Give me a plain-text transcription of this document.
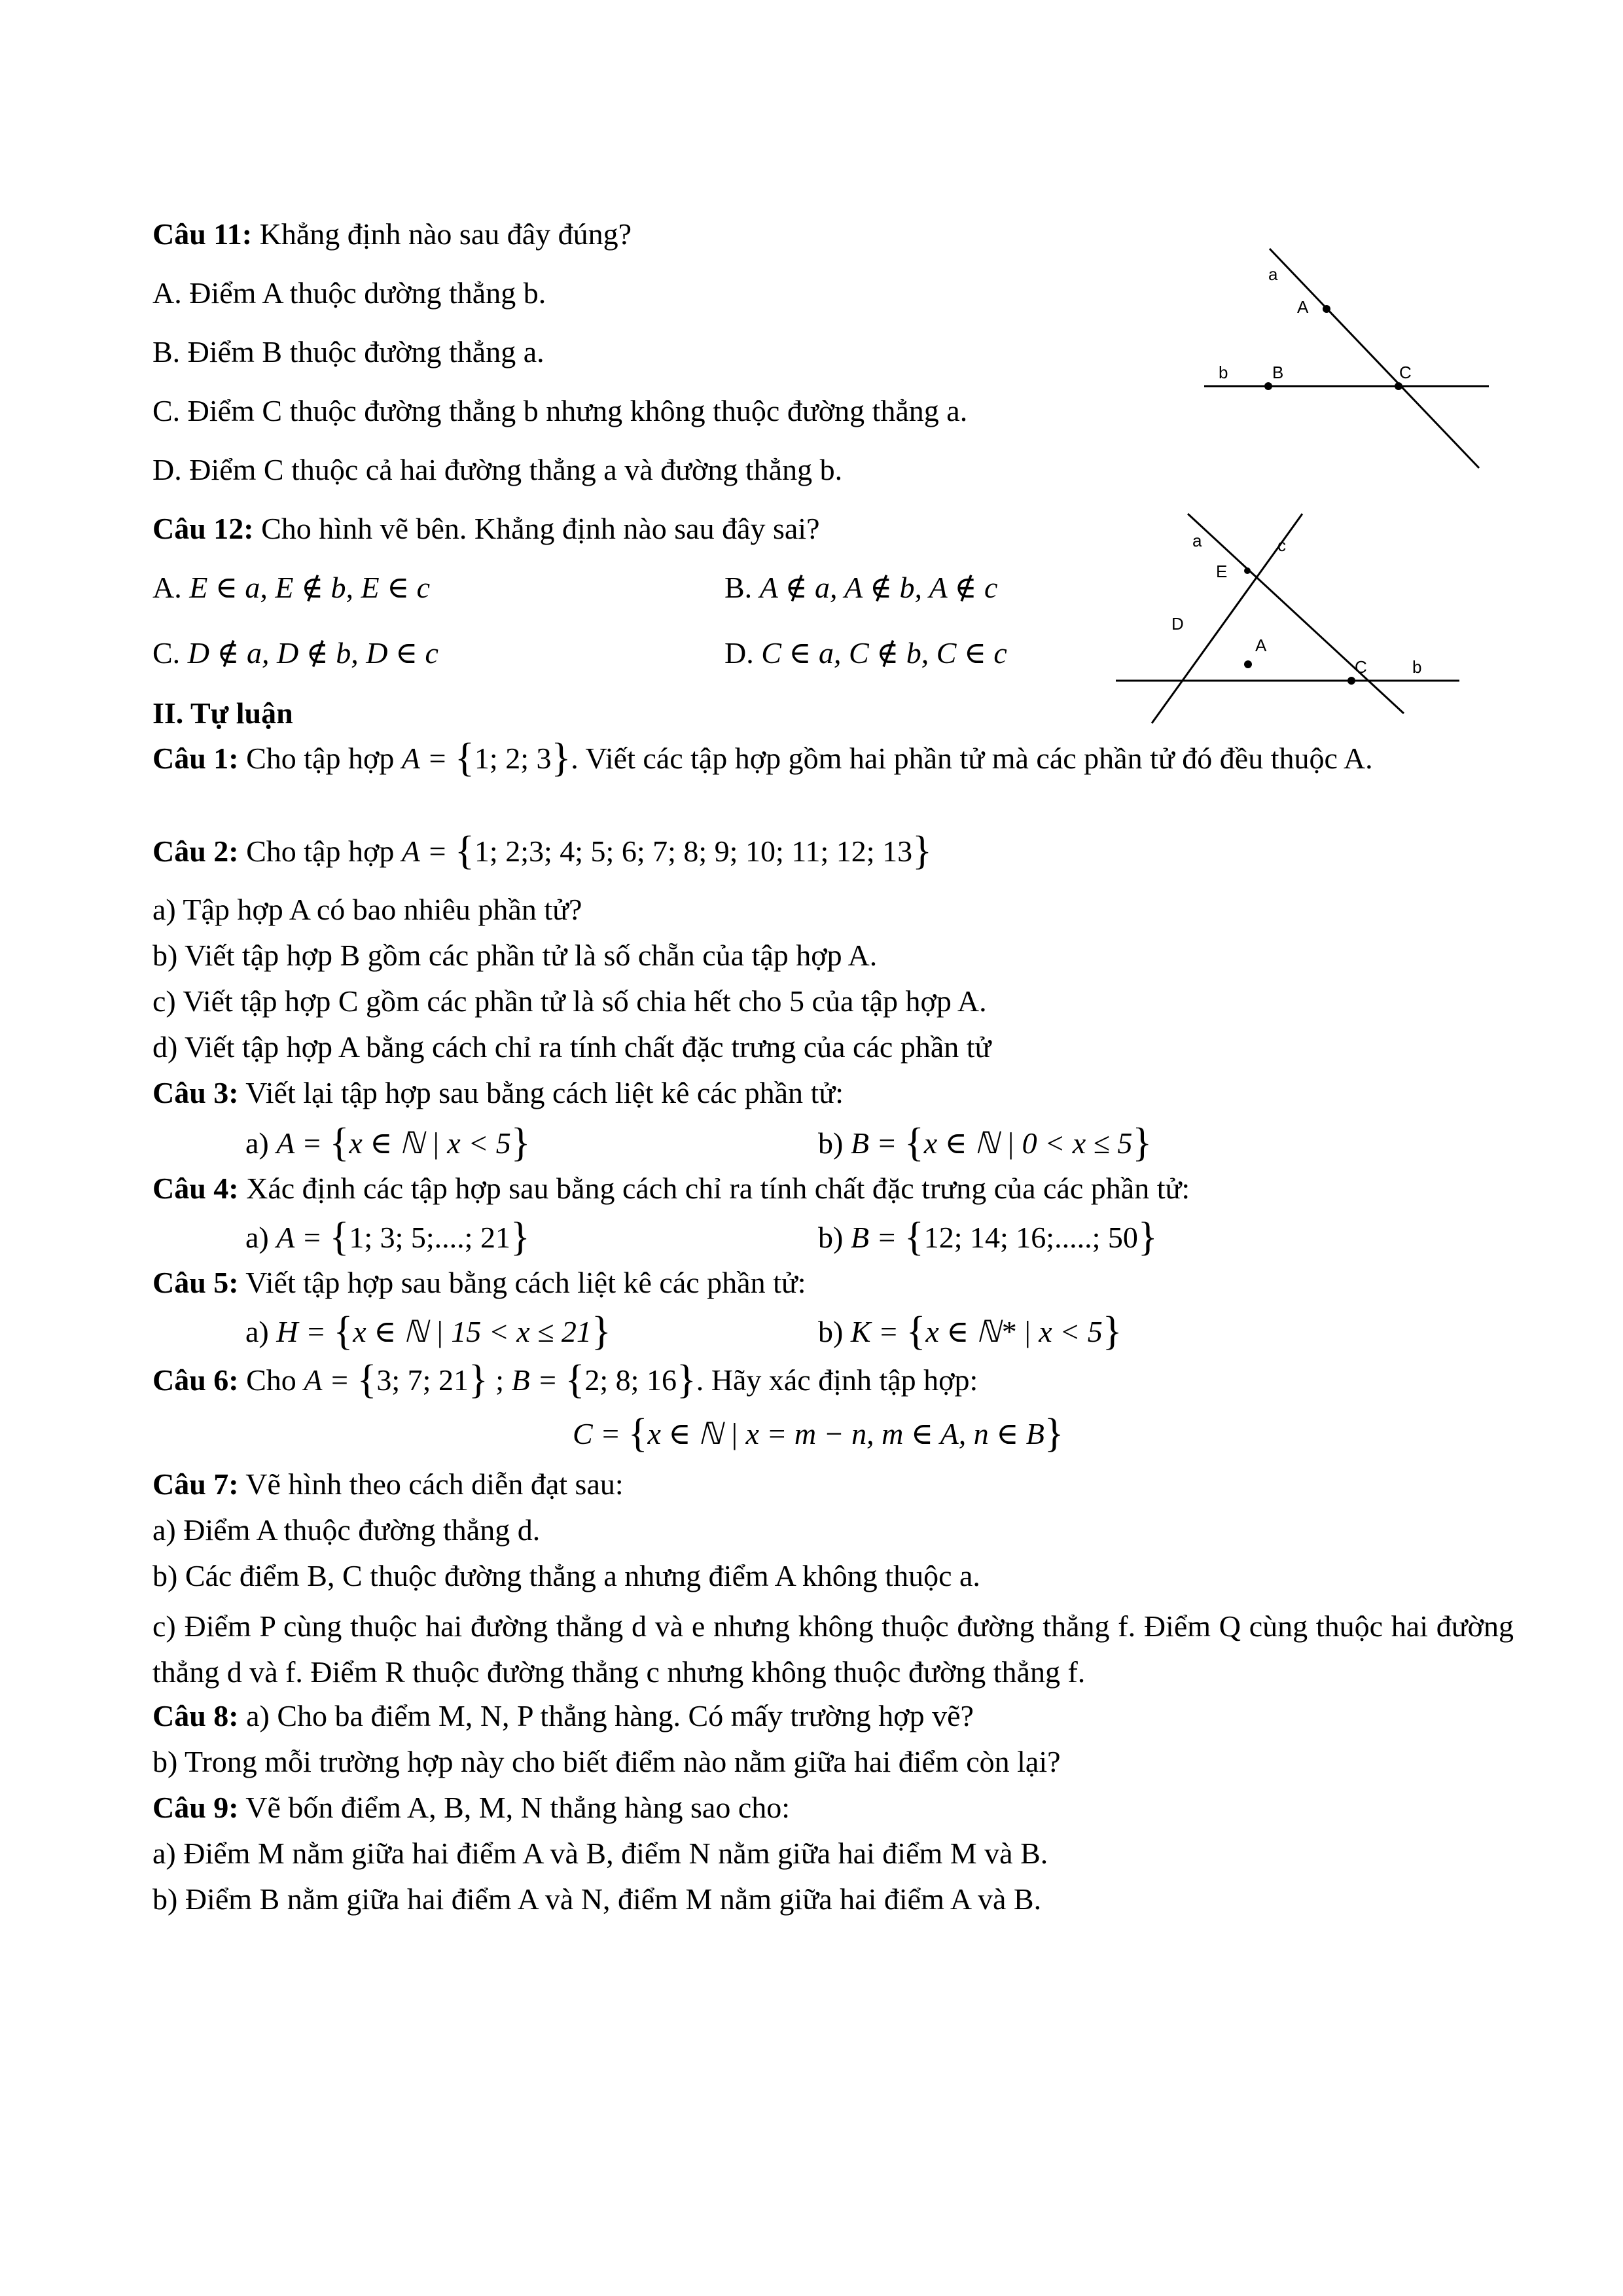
Câu 11: Khẳng định nào sau đây đúng?
A. Điểm A thuộc dường thẳng b.
B. Điểm B thuộc đường thẳng a.
C. Điểm C thuộc đường thẳng b nhưng không thuộc đường thẳng a.
D. Điểm C thuộc cả hai đường thẳng a và đường thẳng b.
a
A
b	B	C
Câu 12: Cho hình vẽ bên. Khẳng định nào sau đây sai?
A. E ∈ a, E ∉ b, E ∈ c	B. A ∉ a, A ∉ b, A ∉ c
C. D ∉ a, D ∉ b, D ∈ c	D. C ∈ a, C ∉ b, C ∈ c
a	c
E
D
A
C	b
II. Tự luận
Câu 1: Cho tập hợp A = {1; 2; 3}. Viết các tập hợp gồm hai phần tử mà các phần tử đó đều thuộc A.
Câu 2: Cho tập hợp A = {1; 2;3; 4; 5; 6; 7; 8; 9; 10; 11; 12; 13}
a) Tập hợp A có bao nhiêu phần tử?
b) Viết tập hợp B gồm các phần tử là số chẵn của tập hợp A.
c) Viết tập hợp C gồm các phần tử là số chia hết cho 5 của tập hợp A.
d) Viết tập hợp A bằng cách chỉ ra tính chất đặc trưng của các phần tử
Câu 3: Viết lại tập hợp sau bằng cách liệt kê các phần tử:
a) A = {x ∈ ℕ | x < 5}	b) B = {x ∈ ℕ | 0 < x ≤ 5}
Câu 4: Xác định các tập hợp sau bằng cách chỉ ra tính chất đặc trưng của các phần tử:
a) A = {1; 3; 5;....; 21}	b) B = {12; 14; 16;.....; 50}
Câu 5: Viết tập hợp sau bằng cách liệt kê các phần tử:
a) H = {x ∈ ℕ | 15 < x ≤ 21}	b) K = {x ∈ ℕ* | x < 5}
Câu 6: Cho A = {3; 7; 21} ; B = {2; 8; 16}. Hãy xác định tập hợp:
C = {x ∈ ℕ | x = m − n, m ∈ A, n ∈ B}
Câu 7: Vẽ hình theo cách diễn đạt sau:
a) Điểm A thuộc đường thẳng d.
b) Các điểm B, C thuộc đường thẳng a nhưng điểm A không thuộc a.
c) Điểm P cùng thuộc hai đường thẳng d và e nhưng không thuộc đường thẳng f. Điểm Q cùng thuộc hai đường thẳng d và f. Điểm R thuộc đường thẳng c nhưng không thuộc đường thẳng f.
Câu 8: a) Cho ba điểm M, N, P thẳng hàng. Có mấy trường hợp vẽ?
b) Trong mỗi trường hợp này cho biết điểm nào nằm giữa hai điểm còn lại?
Câu 9: Vẽ bốn điểm A, B, M, N thẳng hàng sao cho:
a) Điểm M nằm giữa hai điểm A và B, điểm N nằm giữa hai điểm M và B.
b) Điểm B nằm giữa hai điểm A và N, điểm M nằm giữa hai điểm A và B.
